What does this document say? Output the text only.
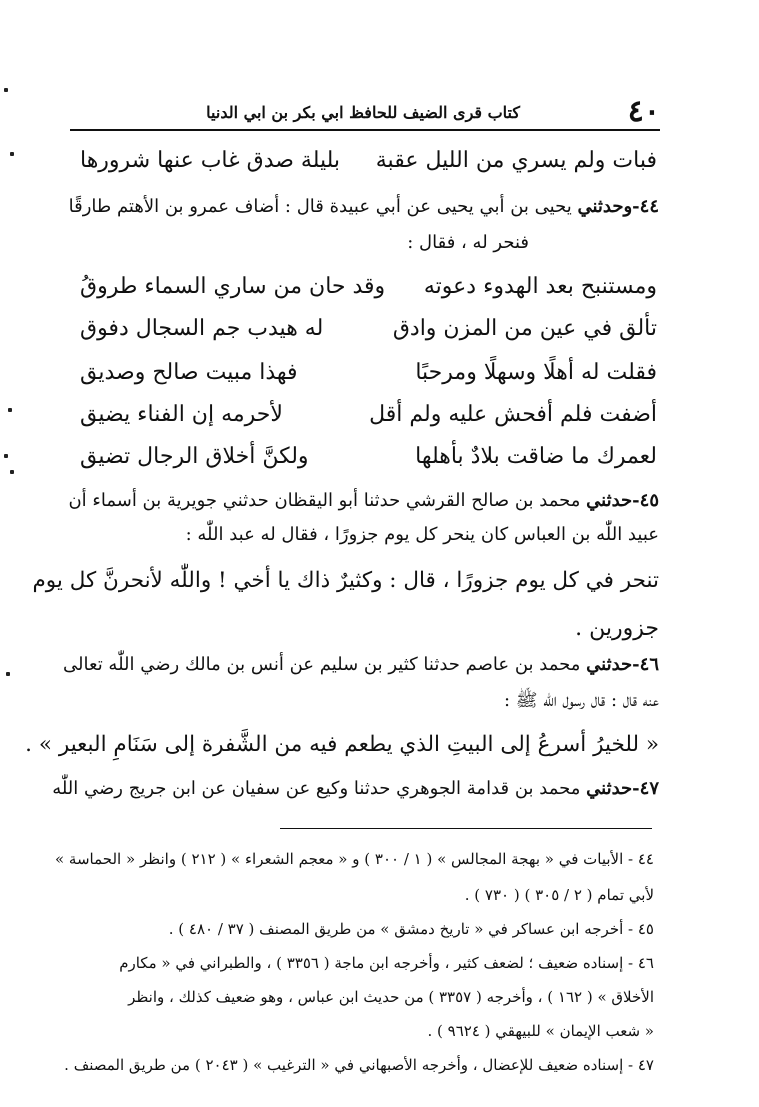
٤٠
كتاب قرى الضيف للحافظ ابي بكر بن ابي الدنيا
فبات ولم يسري من الليل عقبة
بليلة صدق غاب عنها شرورها
٤٤-وحدثني يحيى بن أبي يحيى عن أبي عبيدة قال : أضاف عمرو بن الأهتم طارقًا
فنحر له ، فقال :
ومستنبح بعد الهدوء دعوته
وقد حان من ساري السماء طروقُ
تألق في عين من المزن وادق
له هيدب جم السجال دفوق
فقلت له أهلًا وسهلًا ومرحبًا
فهذا مبيت صالح وصديق
أضفت فلم أفحش عليه ولم أقل
لأحرمه إن الفناء يضيق
لعمرك ما ضاقت بلادٌ بأهلها
ولكنَّ أخلاق الرجال تضيق
٤٥-حدثني محمد بن صالح القرشي حدثنا أبو اليقظان حدثني جويرية بن أسماء أن
عبيد اللّٰه بن العباس كان ينحر كل يوم جزورًا ، فقال له عبد اللّٰه :
تنحر في كل يوم جزورًا ، قال : وكثيرٌ ذاك يا أخي ! واللّٰه لأنحرنَّ كل يوم
جزورين .
٤٦-حدثني محمد بن عاصم حدثنا كثير بن سليم عن أنس بن مالك رضي اللّٰه تعالى
عنه قال : قال رسول اللّٰه ﷺ :
« للخيرُ أسرعُ إلى البيتِ الذي يطعم فيه من الشَّفرة إلى سَنَامِ البعير » .
٤٧-حدثني محمد بن قدامة الجوهري حدثنا وكيع عن سفيان عن ابن جريج رضي اللّٰه
٤٤ - الأبيات في « بهجة المجالس » ( ١ / ٣٠٠ ) و « معجم الشعراء » ( ٢١٢ ) وانظر « الحماسة »
لأبي تمام ( ٢ / ٣٠٥ ) ( ٧٣٠ ) .
٤٥ - أخرجه ابن عساكر في « تاريخ دمشق » من طريق المصنف ( ٣٧ / ٤٨٠ ) .
٤٦ - إسناده ضعيف ؛ لضعف كثير ، وأخرجه ابن ماجة ( ٣٣٥٦ ) ، والطبراني في « مكارم
الأخلاق » ( ١٦٢ ) ، وأخرجه ( ٣٣٥٧ ) من حديث ابن عباس ، وهو ضعيف كذلك ، وانظر
« شعب الإيمان » للبيهقي ( ٩٦٢٤ ) .
٤٧ - إسناده ضعيف للإعضال ، وأخرجه الأصبهاني في « الترغيب » ( ٢٠٤٣ ) من طريق المصنف .
